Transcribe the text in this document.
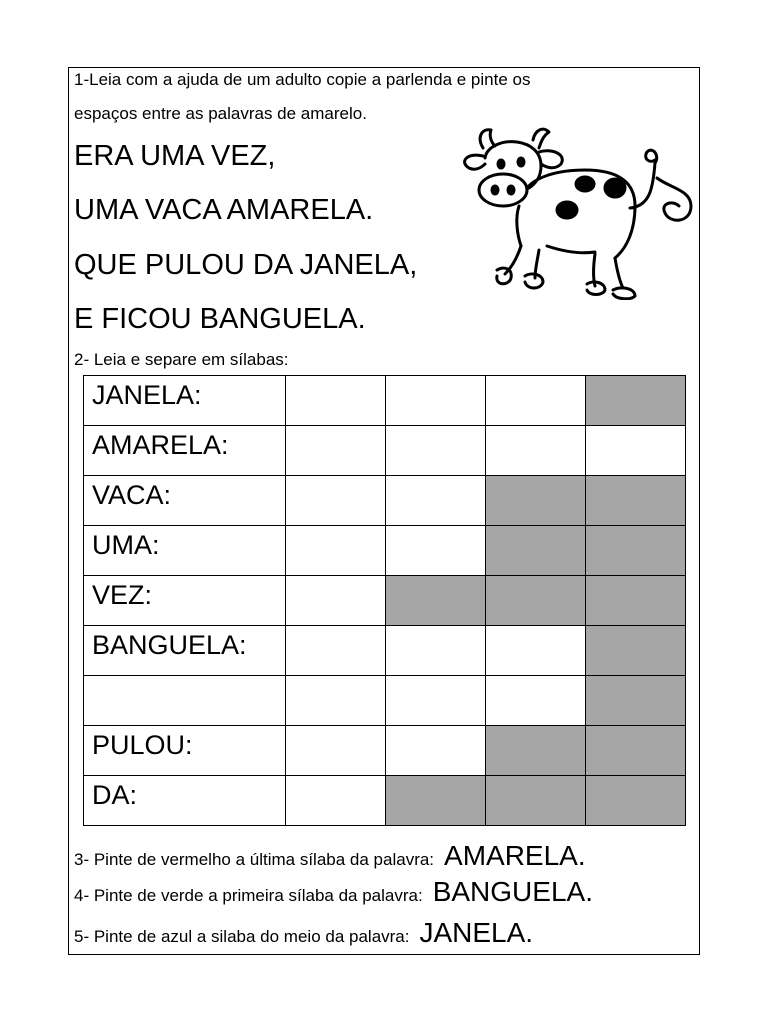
1-Leia com a ajuda de um adulto copie a parlenda e pinte os
espaços entre as palavras de amarelo.
ERA UMA VEZ,
UMA VACA AMARELA.
QUE PULOU DA JANELA,
E FICOU BANGUELA.
2- Leia e separe em sílabas:
JANELA:				
AMARELA:				
VACA:				
UMA:				
VEZ:				
BANGUELA:				

PULOU:				
DA:				
3- Pinte de vermelho a última sílaba da palavra: AMARELA.
4- Pinte de verde a primeira sílaba da palavra: BANGUELA.
5- Pinte de azul a silaba do meio da palavra: JANELA.
